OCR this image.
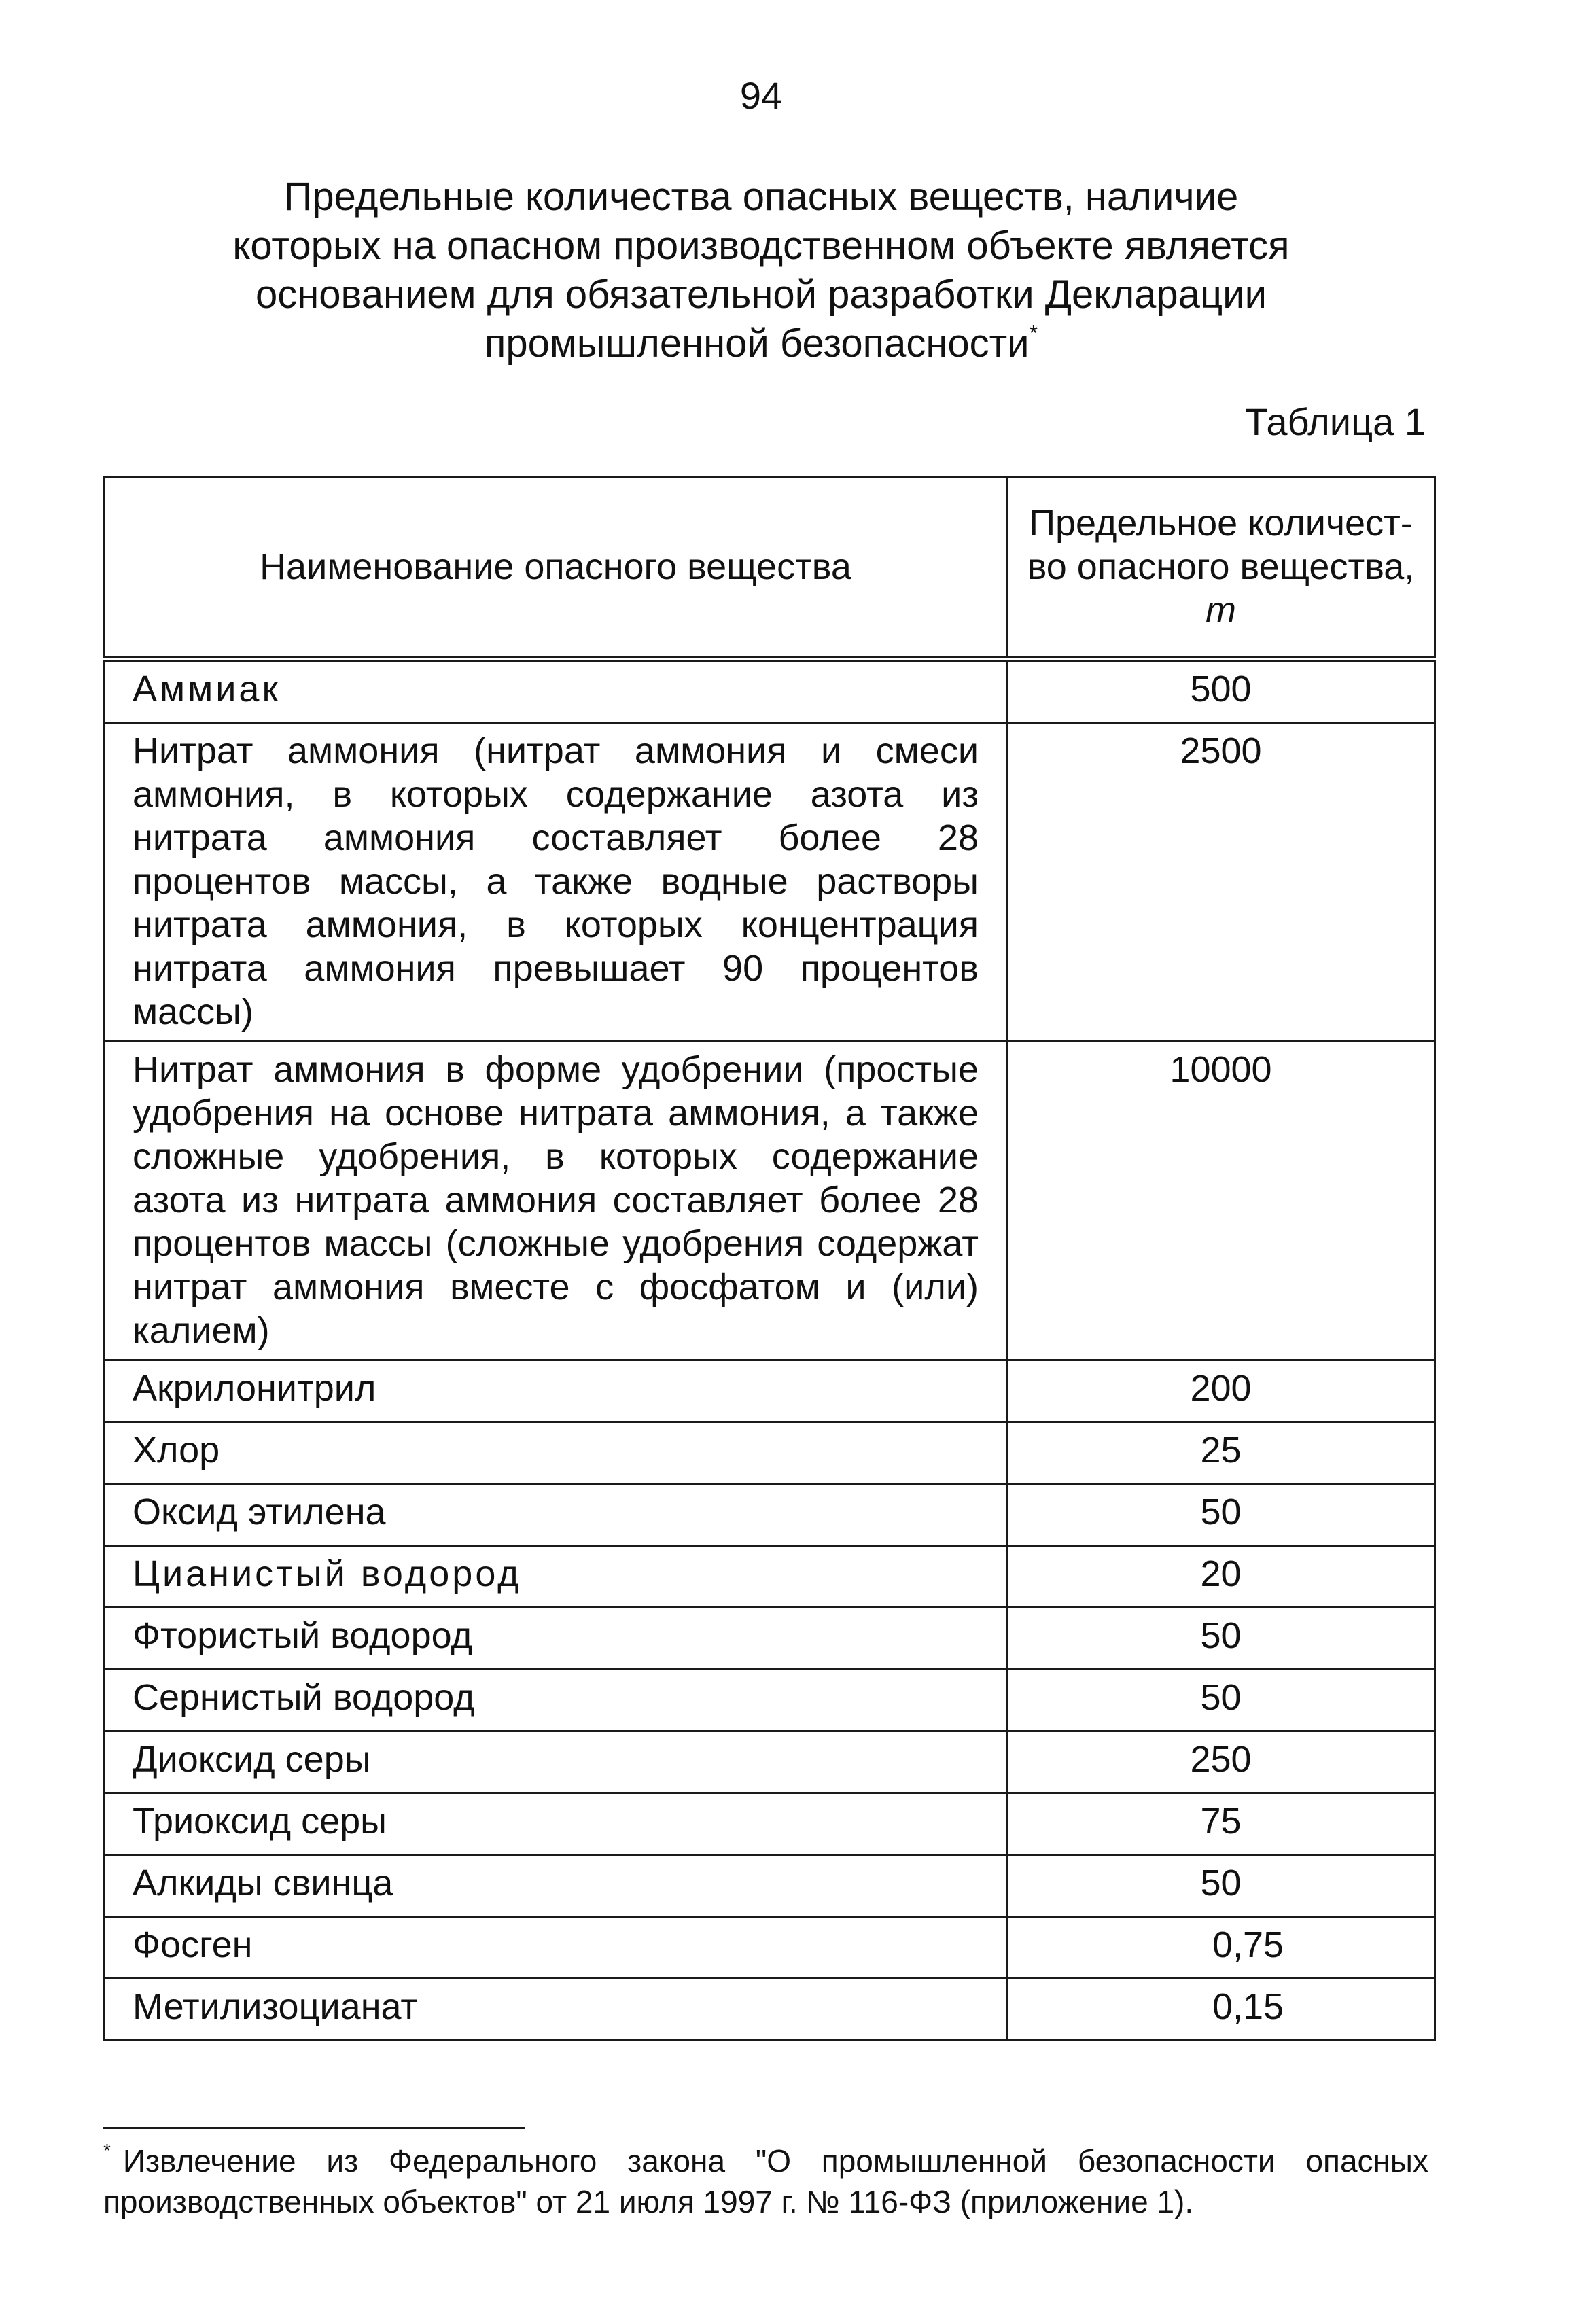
94
Предельные количества опасных веществ, наличие
которых на опасном производственном объекте является
основанием для обязательной разработки Декларации
промышленной безопасности*
Таблица 1
Наименование опасного вещества	Предельное количест-во опасного вещества,
т
Аммиак	500
Нитрат аммония (нитрат аммония и смеси аммония, в которых содержание азота из нитрата аммония составляет более 28 процентов массы, а также водные растворы нитрата аммония, в которых концентрация нитрата аммония превышает 90 процентов массы)	2500
Нитрат аммония в форме удобрении (простые удобрения на основе нитрата аммония, а также сложные удобрения, в которых содержание азота из нитрата аммония составляет более 28 процентов массы (сложные удобрения содержат нитрат аммония вместе с фосфатом и (или) калием)	10000
Акрилонитрил	200
Хлор	25
Оксид этилена	50
Цианистый водород	20
Фтористый водород	50
Сернистый водород	50
Диоксид серы	250
Триоксид серы	75
Алкиды свинца	50
Фосген	0,75
Метилизоцианат	0,15
* Извлечение из Федерального закона "О промышленной безопасности опасных производственных объектов" от 21 июля 1997 г. № 116-ФЗ (приложение 1).
